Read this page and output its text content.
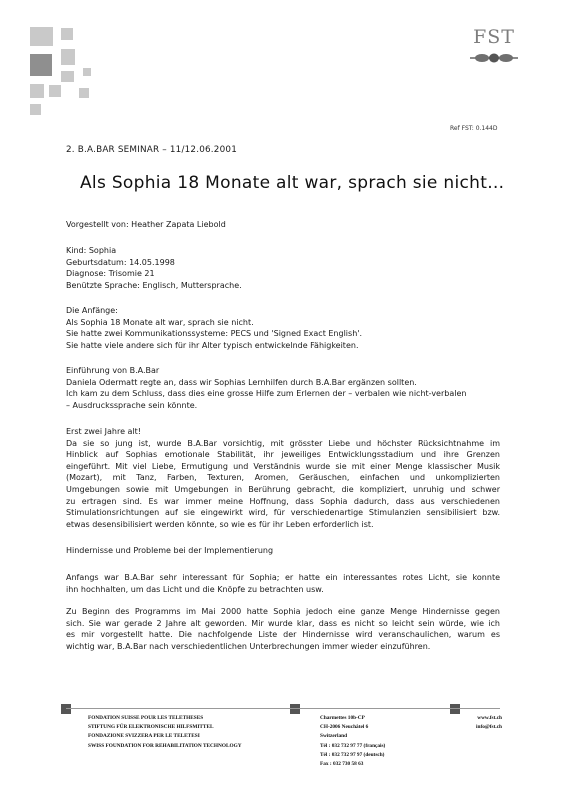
FST
Ref FST: 0.144D
2. B.A.BAR SEMINAR – 11/12.06.2001
Als Sophia 18 Monate alt war, sprach sie nicht…
Vorgestellt von: Heather Zapata Liebold
Kind: Sophia
Geburtsdatum: 14.05.1998
Diagnose: Trisomie 21
Benützte Sprache: Englisch, Muttersprache.
Die Anfänge:
Als Sophia 18 Monate alt war, sprach sie nicht.
Sie hatte zwei Kommunikationssysteme: PECS und 'Signed Exact English'.
Sie hatte viele andere sich für ihr Alter typisch entwickelnde Fähigkeiten.
Einführung von B.A.Bar
Daniela Odermatt regte an, dass wir Sophias Lernhilfen durch B.A.Bar ergänzen sollten.
Ich kam zu dem Schluss, dass dies eine grosse Hilfe zum Erlernen der – verbalen wie nicht-verbalen
– Ausdruckssprache sein könnte.
Erst zwei Jahre alt!
Da sie so jung ist, wurde B.A.Bar vorsichtig, mit grösster Liebe und höchster Rücksichtnahme im
Hinblick auf Sophias emotionale Stabilität, ihr jeweiliges Entwicklungsstadium und ihre Grenzen
eingeführt. Mit viel Liebe, Ermutigung und Verständnis wurde sie mit einer Menge klassischer Musik
(Mozart), mit Tanz, Farben, Texturen, Aromen, Geräuschen, einfachen und unkomplizierten
Umgebungen sowie mit Umgebungen in Berührung gebracht, die kompliziert, unruhig und schwer
zu ertragen sind. Es war immer meine Hoffnung, dass Sophia dadurch, dass aus verschiedenen
Stimulationsrichtungen auf sie eingewirkt wird, für verschiedenartige Stimulanzien sensibilisiert bzw.
etwas desensibilisiert werden könnte, so wie es für ihr Leben erforderlich ist.
Hindernisse und Probleme bei der Implementierung
Anfangs war B.A.Bar sehr interessant für Sophia; er hatte ein interessantes rotes Licht, sie konnte
ihn hochhalten, um das Licht und die Knöpfe zu betrachten usw.
Zu Beginn des Programms im Mai 2000 hatte Sophia jedoch eine ganze Menge Hindernisse gegen
sich. Sie war gerade 2 Jahre alt geworden. Mir wurde klar, dass es nicht so leicht sein würde, wie ich
es mir vorgestellt hatte. Die nachfolgende Liste der Hindernisse wird veranschaulichen, warum es
wichtig war, B.A.Bar nach verschiedentlichen Unterbrechungen immer wieder einzuführen.
FONDATION SUISSE POUR LES TELETHESES
STIFTUNG FÜR ELEKTRONISCHE HILFSMITTEL
FONDAZIONE SVIZZERA PER LE TELETESI
SWISS FOUNDATION FOR REHABILITATION TECHNOLOGY
Charmettes 10b-CP
CH-2006 Neuchâtel 6
Switzerland
Tél : 032 732 97 77 (français)
Tél : 032 732 97 97 (deutsch)
Fax : 032 730 58 63
www.fst.ch
info@fst.ch
